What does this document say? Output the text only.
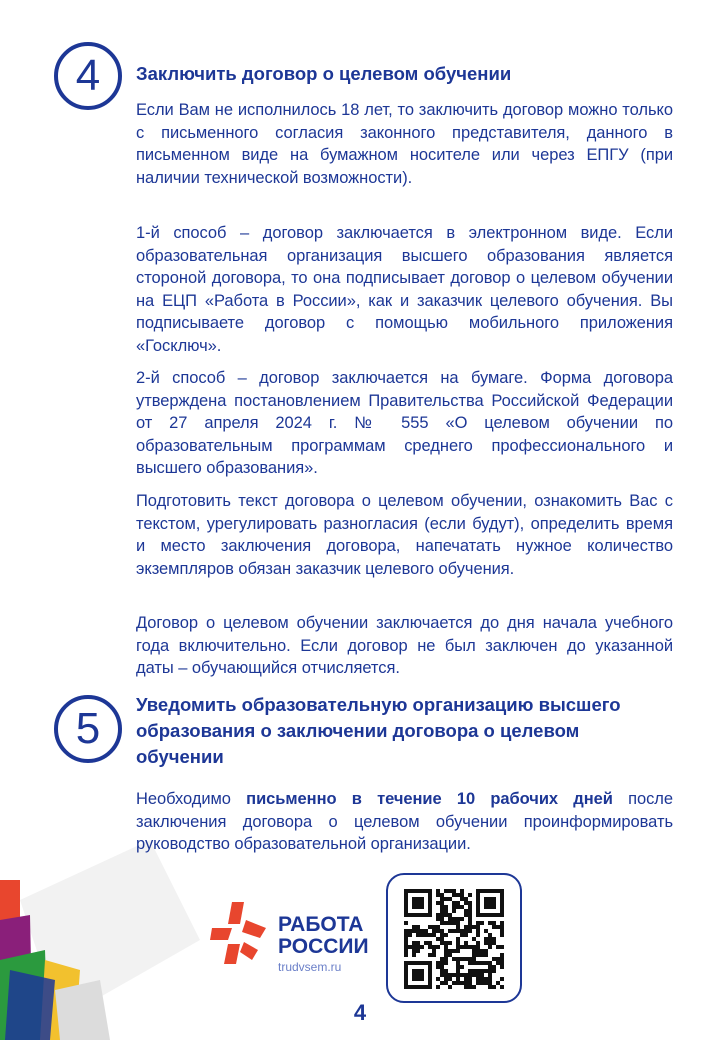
4 Заключить договор о целевом обучении

Если Вам не исполнилось 18 лет, то заключить договор можно только с письменного согласия законного представителя, данного в письменном виде на бумажном носителе или через ЕПГУ (при наличии технической возможности).

1-й способ – договор заключается в электронном виде. Если образовательная организация высшего образования является стороной договора, то она подписывает договор о целевом обучении на ЕЦП «Работа в России», как и заказчик целевого обучения. Вы подписываете договор с помощью мобильного приложения «Госключ».

2-й способ – договор заключается на бумаге. Форма договора утверждена постановлением Правительства Российской Федерации от 27 апреля 2024 г. № 555 «О целевом обучении по образовательным программам среднего профессионального и высшего образования».

Подготовить текст договора о целевом обучении, ознакомить Вас с текстом, урегулировать разногласия (если будут), определить время и место заключения договора, напечатать нужное количество экземпляров обязан заказчик целевого обучения.

Договор о целевом обучении заключается до дня начала учебного года включительно. Если договор не был заключен до указанной даты – обучающийся отчисляется.

5 Уведомить образовательную организацию высшего образования о заключении договора о целевом обучении

Необходимо письменно в течение 10 рабочих дней после заключения договора о целевом обучении проинформировать руководство образовательной организации.

РАБОТА
РОССИИ
trudvsem.ru
4
